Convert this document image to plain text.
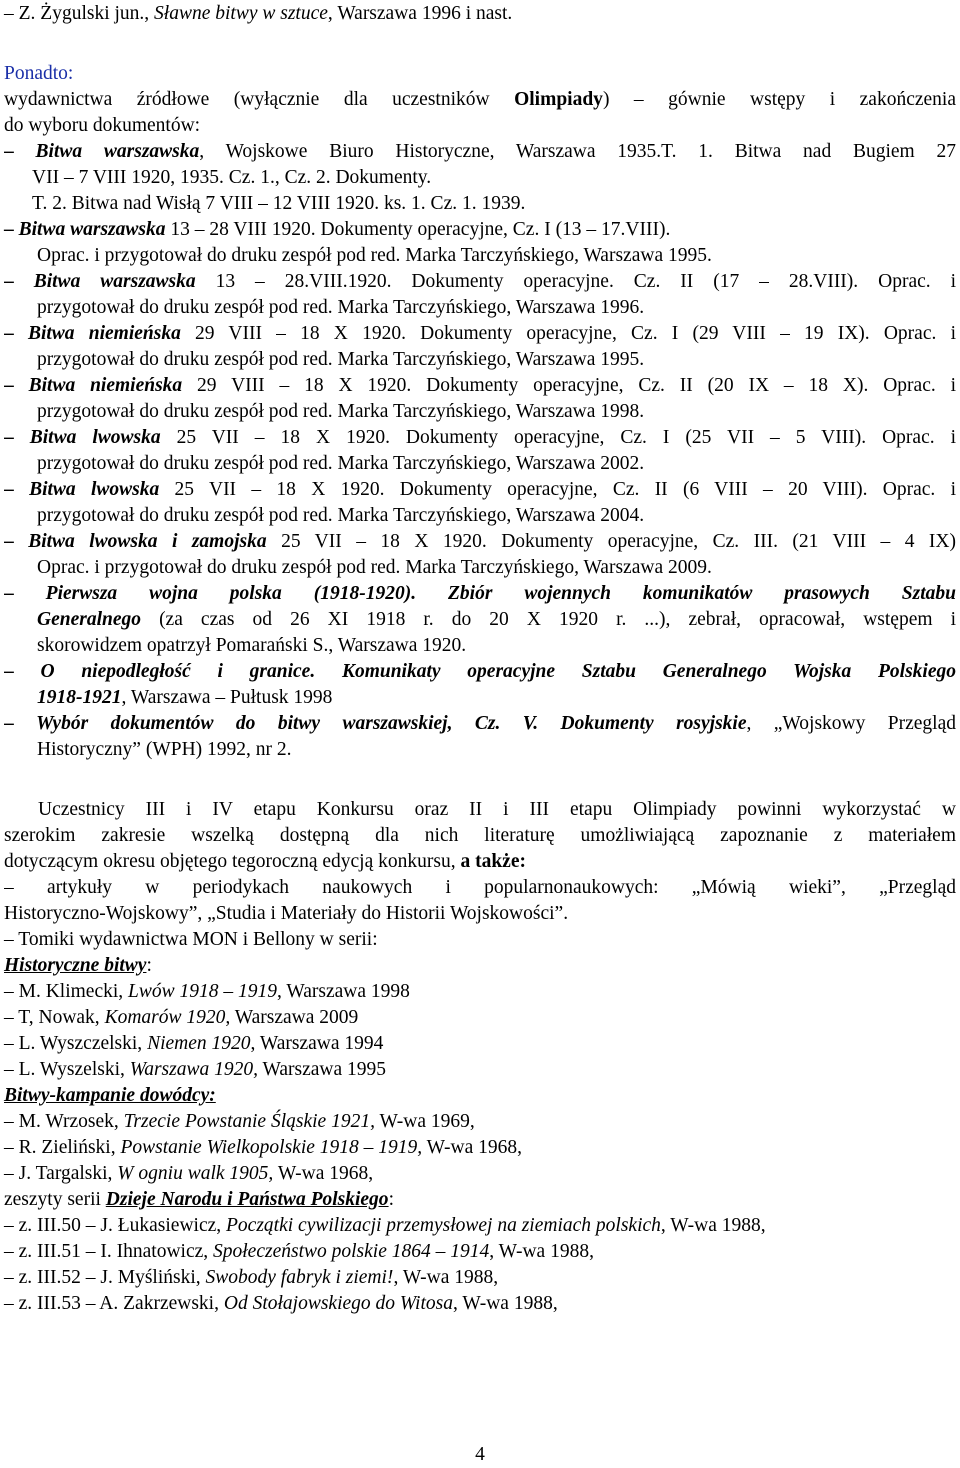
– Z. Żygulski jun., Sławne bitwy w sztuce, Warszawa 1996 i nast.
Ponadto:
wydawnictwa źródłowe (wyłącznie dla uczestników Olimpiady) – gównie wstępy i zakończenia
do wyboru dokumentów:
– Bitwa warszawska, Wojskowe Biuro Historyczne, Warszawa 1935.T. 1. Bitwa nad Bugiem 27
VII – 7 VIII 1920, 1935. Cz. 1., Cz. 2. Dokumenty.
T. 2. Bitwa nad Wisłą 7 VIII – 12 VIII 1920. ks. 1. Cz. 1. 1939.
– Bitwa warszawska 13 – 28 VIII 1920. Dokumenty operacyjne, Cz. I (13 – 17.VIII).
Oprac. i przygotował do druku zespół pod red. Marka Tarczyńskiego, Warszawa 1995.
– Bitwa warszawska 13 – 28.VIII.1920. Dokumenty operacyjne. Cz. II (17 – 28.VIII). Oprac. i
przygotował do druku zespół pod red. Marka Tarczyńskiego, Warszawa 1996.
– Bitwa niemieńska 29 VIII – 18 X 1920. Dokumenty operacyjne, Cz. I (29 VIII – 19 IX). Oprac. i
przygotował do druku zespół pod red. Marka Tarczyńskiego, Warszawa 1995.
– Bitwa niemieńska 29 VIII – 18 X 1920. Dokumenty operacyjne, Cz. II (20 IX – 18 X). Oprac. i
przygotował do druku zespół pod red. Marka Tarczyńskiego, Warszawa 1998.
– Bitwa lwowska 25 VII – 18 X 1920. Dokumenty operacyjne, Cz. I (25 VII – 5 VIII). Oprac. i
przygotował do druku zespół pod red. Marka Tarczyńskiego, Warszawa 2002.
– Bitwa lwowska 25 VII – 18 X 1920. Dokumenty operacyjne, Cz. II (6 VIII – 20 VIII). Oprac. i
przygotował do druku zespół pod red. Marka Tarczyńskiego, Warszawa 2004.
– Bitwa lwowska i zamojska 25 VII – 18 X 1920. Dokumenty operacyjne, Cz. III. (21 VIII – 4 IX)
Oprac. i przygotował do druku zespół pod red. Marka Tarczyńskiego, Warszawa 2009.
– Pierwsza wojna polska (1918-1920). Zbiór wojennych komunikatów prasowych Sztabu
Generalnego (za czas od 26 XI 1918 r. do 20 X 1920 r. ...), zebrał, opracował, wstępem i
skorowidzem opatrzył Pomarański S., Warszawa 1920.
– O niepodległość i granice. Komunikaty operacyjne Sztabu Generalnego Wojska Polskiego
1918-1921, Warszawa – Pułtusk 1998
– Wybór dokumentów do bitwy warszawskiej, Cz. V. Dokumenty rosyjskie, „Wojskowy Przegląd
Historyczny” (WPH) 1992, nr 2.
Uczestnicy III i IV etapu Konkursu oraz II i III etapu Olimpiady powinni wykorzystać w
szerokim zakresie wszelką dostępną dla nich literaturę umożliwiającą zapoznanie z materiałem
dotyczącym okresu objętego tegoroczną edycją konkursu, a także:
– artykuły w periodykach naukowych i popularnonaukowych: „Mówią wieki”, „Przegląd
Historyczno-Wojskowy”, „Studia i Materiały do Historii Wojskowości”.
– Tomiki wydawnictwa MON i Bellony w serii:
Historyczne bitwy:
– M. Klimecki, Lwów 1918 – 1919, Warszawa 1998
– T, Nowak, Komarów 1920, Warszawa 2009
– L. Wyszczelski, Niemen 1920, Warszawa 1994
– L. Wyszelski, Warszawa 1920, Warszawa 1995
Bitwy-kampanie dowódcy:
– M. Wrzosek, Trzecie Powstanie Śląskie 1921, W-wa 1969,
– R. Zieliński, Powstanie Wielkopolskie 1918 – 1919, W-wa 1968,
– J. Targalski, W ogniu walk 1905, W-wa 1968,
zeszyty serii Dzieje Narodu i Państwa Polskiego:
– z. III.50 – J. Łukasiewicz, Początki cywilizacji przemysłowej na ziemiach polskich, W-wa 1988,
– z. III.51 – I. Ihnatowicz, Społeczeństwo polskie 1864 – 1914, W-wa 1988,
– z. III.52 – J. Myśliński, Swobody fabryk i ziemi!, W-wa 1988,
– z. III.53 – A. Zakrzewski, Od Stołajowskiego do Witosa, W-wa 1988,
4
